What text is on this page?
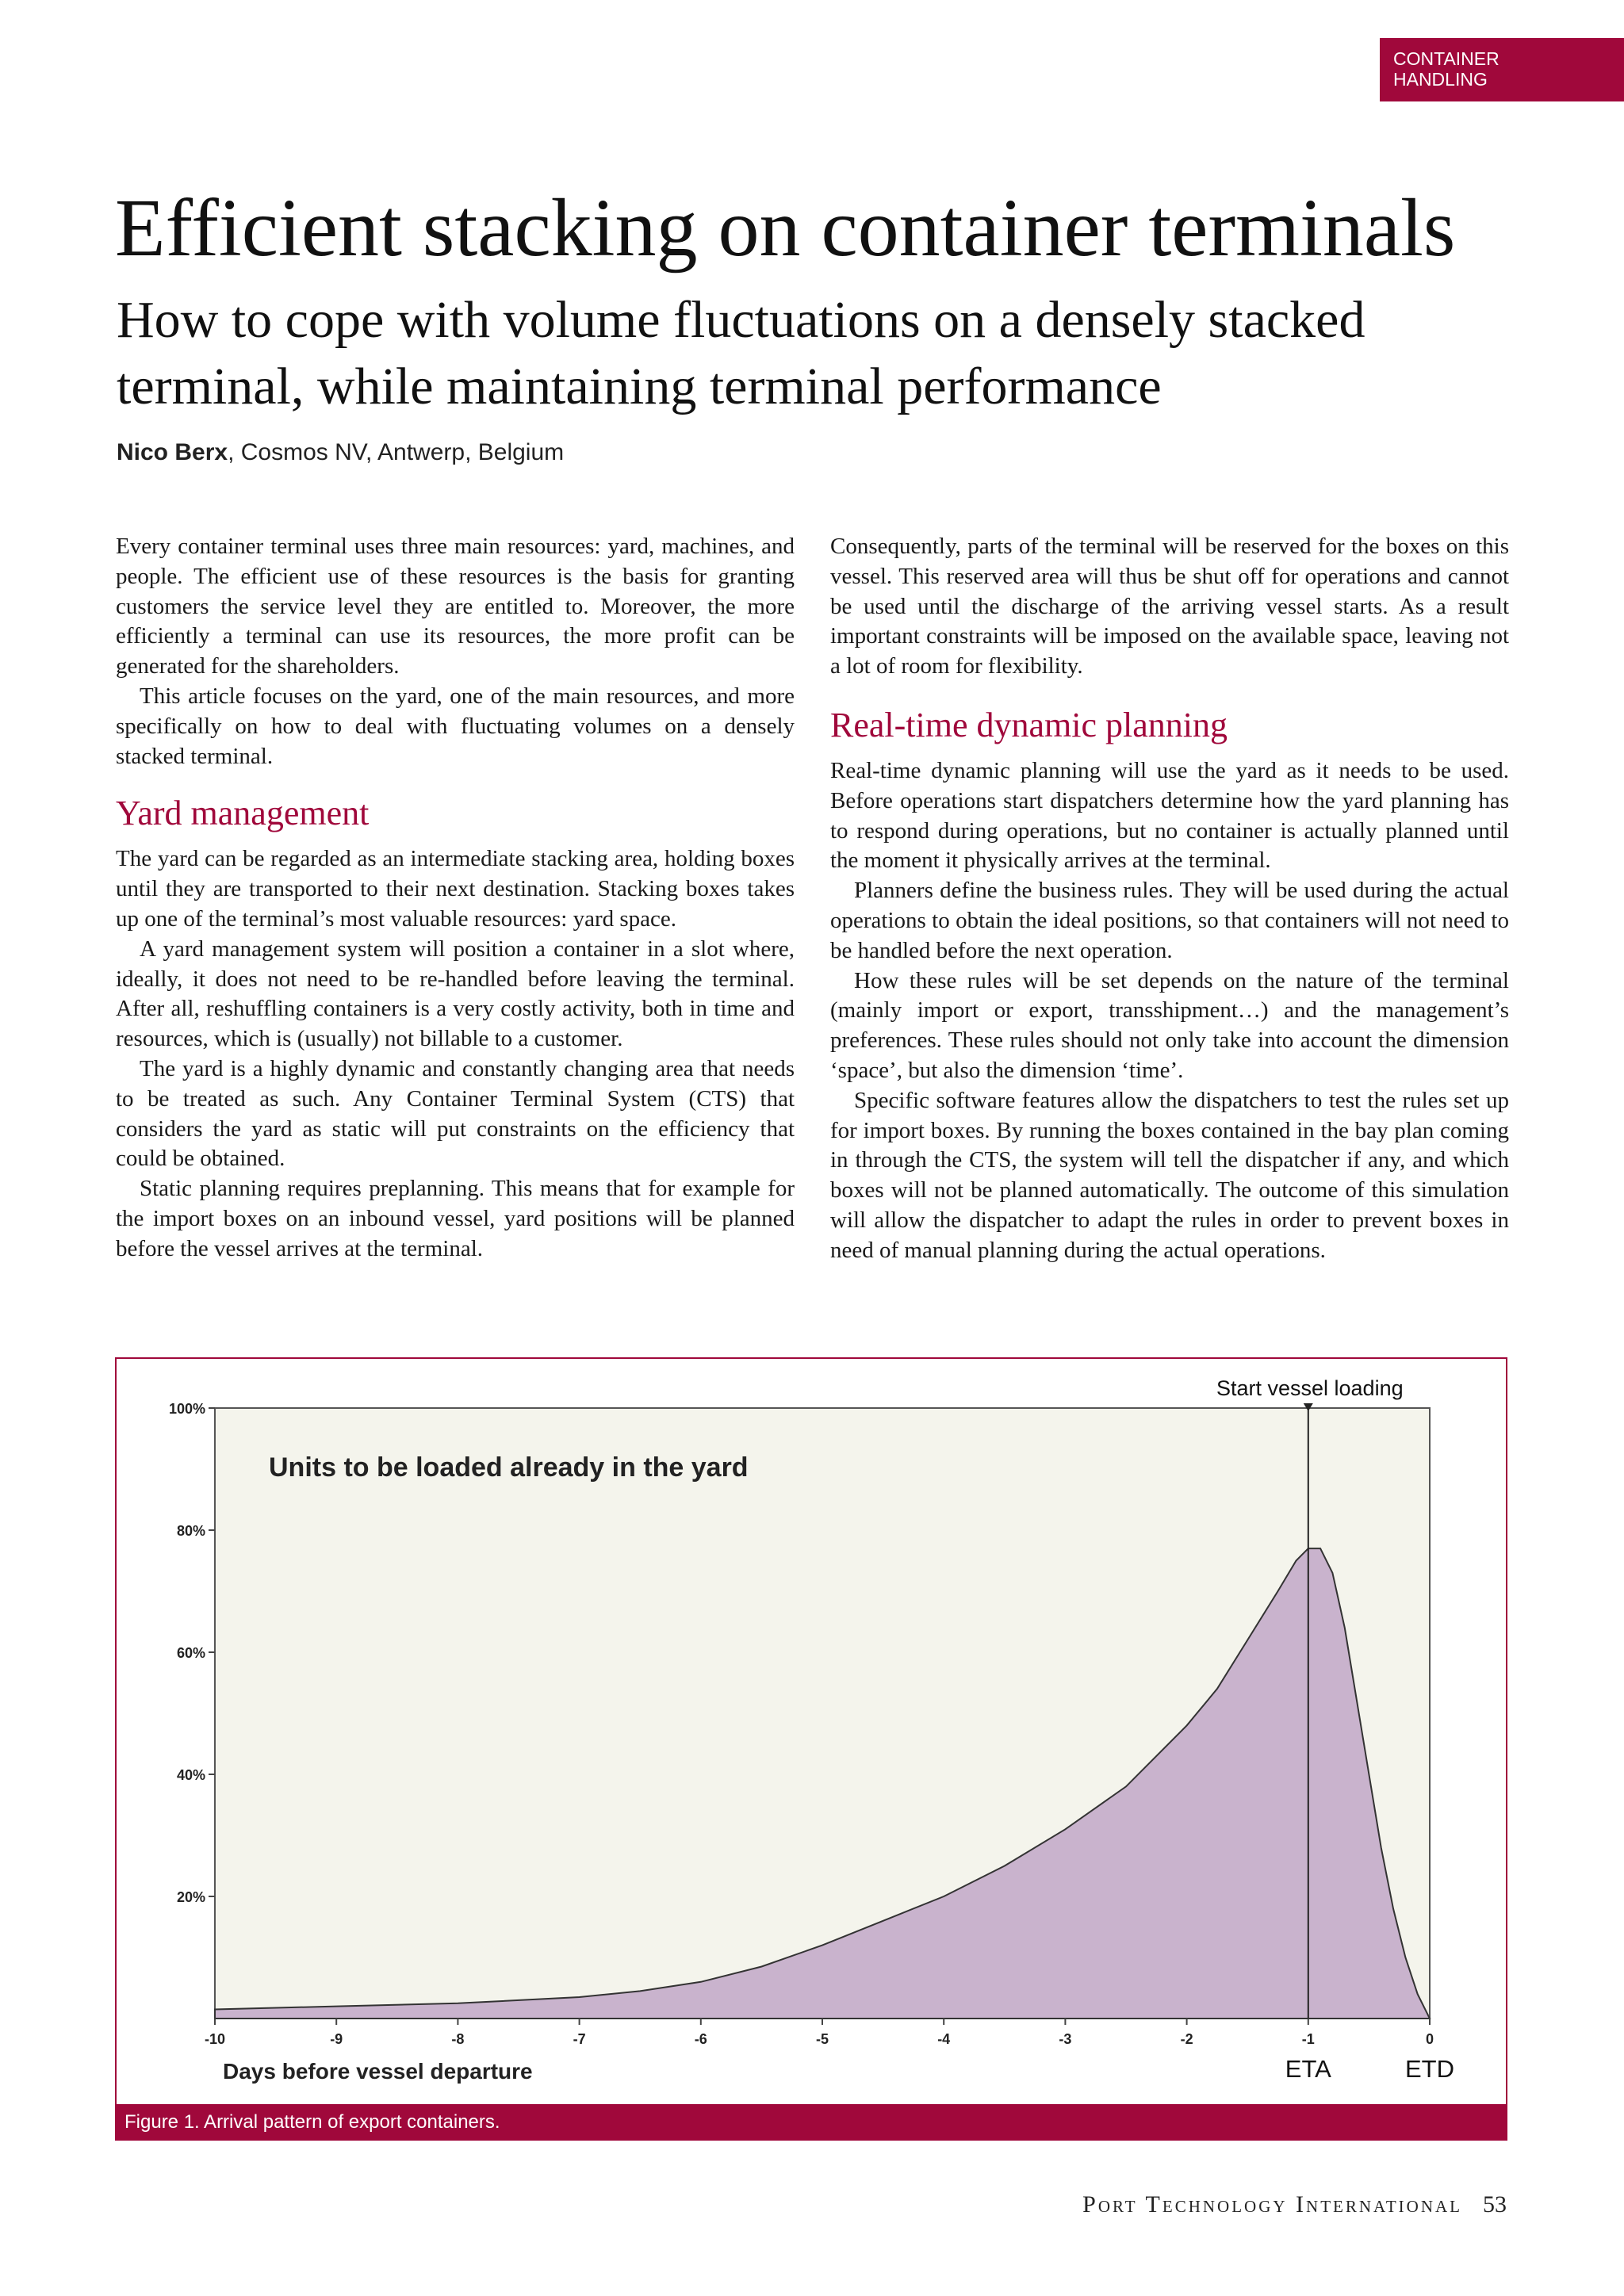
CONTAINER
HANDLING
Efficient stacking on container terminals
How to cope with volume fluctuations on a densely stacked terminal, while maintaining terminal performance
Nico Berx, Cosmos NV, Antwerp, Belgium

Every container terminal uses three main resources: yard, machines, and people. The efficient use of these resources is the basis for granting customers the service level they are entitled to. Moreover, the more efficiently a terminal can use its resources, the more profit can be generated for the shareholders.

This article focuses on the yard, one of the main resources, and more specifically on how to deal with fluctuating volumes on a densely stacked terminal.

Yard management

The yard can be regarded as an intermediate stacking area, holding boxes until they are transported to their next destination. Stacking boxes takes up one of the terminal’s most valuable resources: yard space.

A yard management system will position a container in a slot where, ideally, it does not need to be re-handled before leaving the terminal. After all, reshuffling containers is a very costly activity, both in time and resources, which is (usually) not billable to a customer.

The yard is a highly dynamic and constantly changing area that needs to be treated as such. Any Container Terminal System (CTS) that considers the yard as static will put constraints on the efficiency that could be obtained.

Static planning requires preplanning. This means that for example for the import boxes on an inbound vessel, yard positions will be planned before the vessel arrives at the terminal.

Consequently, parts of the terminal will be reserved for the boxes on this vessel. This reserved area will thus be shut off for operations and cannot be used until the discharge of the arriving vessel starts. As a result important constraints will be imposed on the available space, leaving not a lot of room for flexibility.

Real-time dynamic planning

Real-time dynamic planning will use the yard as it needs to be used. Before operations start dispatchers determine how the yard planning has to respond during operations, but no container is actually planned until the moment it physically arrives at the terminal.

Planners define the business rules. They will be used during the actual operations to obtain the ideal positions, so that containers will not need to be handled before the next operation.

How these rules will be set depends on the nature of the terminal (mainly import or export, transshipment…) and the management’s preferences. These rules should not only take into account the dimension ‘space’, but also the dimension ‘time’.

Specific software features allow the dispatchers to test the rules set up for import boxes. By running the boxes contained in the bay plan coming in through the CTS, the system will tell the dispatcher if any, and which boxes will not be planned automatically. The outcome of this simulation will allow the dispatcher to adapt the rules in order to prevent boxes in need of manual planning during the actual operations.

20%
40%
60%
80%
100%
-10	-9	-8	-7	-6	-5	-4	-3	-2	-1	0
Start vessel loading
Units to be loaded already in the yard
Days before vessel departure	ETA	ETD
Figure 1. Arrival pattern of export containers.
Port Technology International 53
